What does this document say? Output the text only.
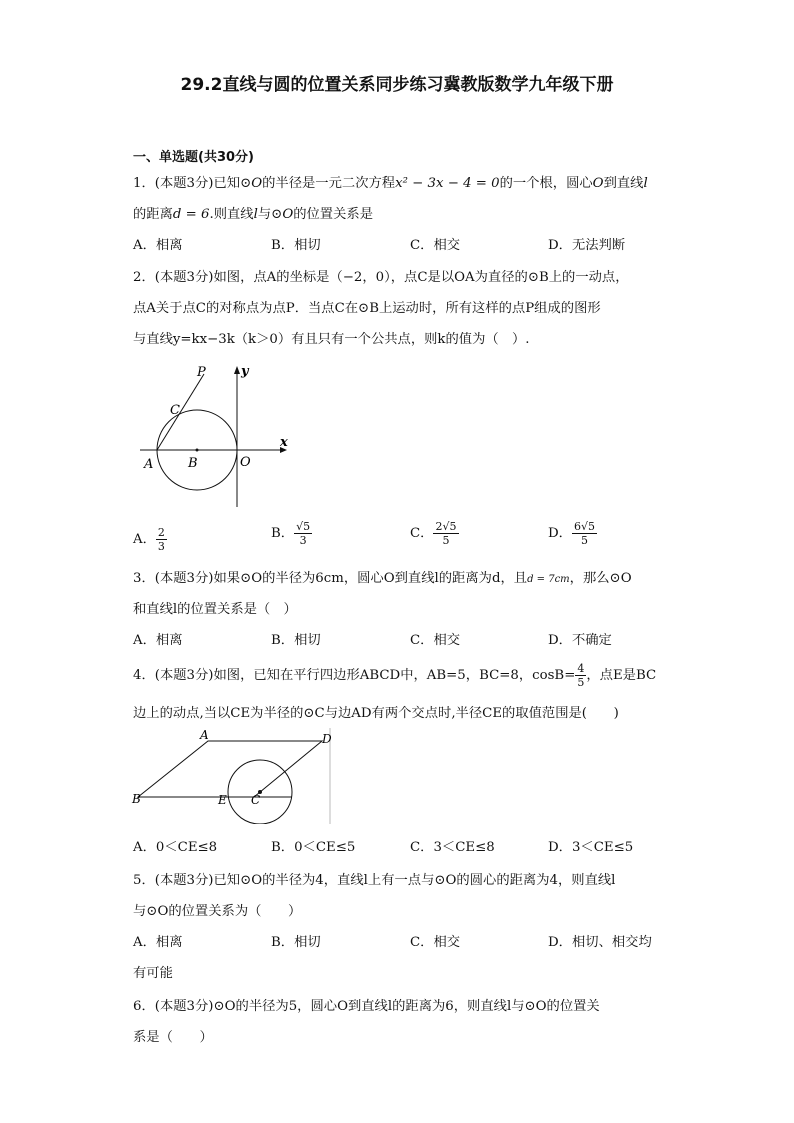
29.2直线与圆的位置关系同步练习冀教版数学九年级下册
一、单选题(共30分)
1．(本题3分)已知⊙O的半径是一元二次方程x² − 3x − 4 = 0的一个根，圆心O到直线l
的距离d = 6.则直线l与⊙O的位置关系是
A．相离	B．相切	C．相交	D．无法判断
2．(本题3分)如图，点A的坐标是（−2，0），点C是以OA为直径的⊙B上的一动点，
点A关于点C的对称点为点P．当点C在⊙B上运动时，所有这样的点P组成的图形
与直线y=kx−3k（k＞0）有且只有一个公共点，则k的值为（　）.
P	y
C
x
A	B	O
A． $\frac{2}{3}$	B． $\frac{√5}{3}$	C． $\frac{2√5}{5}$	D． $\frac{6√5}{5}$
3．(本题3分)如果⊙O的半径为6cm，圆心O到直线l的距离为d，且d = 7cm，那么⊙O
和直线l的位置关系是（　）
A．相离	B．相切	C．相交	D．不确定
4．(本题3分)如图，已知在平行四边形ABCD中，AB=5，BC=8，$\cos B= \frac{4}{5}$ ，点E是BC
边上的动点,当以CE为半径的⊙C与边AD有两个交点时,半径CE的取值范围是(　　)
A	D
B	E C
A．0＜CE≤8	B．0＜CE≤5	C．3＜CE≤8	D．3＜CE≤5
5．(本题3分)已知⊙O的半径为4，直线l上有一点与⊙O的圆心的距离为4，则直线l
与⊙O的位置关系为（　　）
A．相离	B．相切	C．相交	D．相切、相交均
有可能
6．(本题3分)⊙O的半径为5，圆心O到直线l的距离为6，则直线l与⊙O的位置关
系是（　　）
